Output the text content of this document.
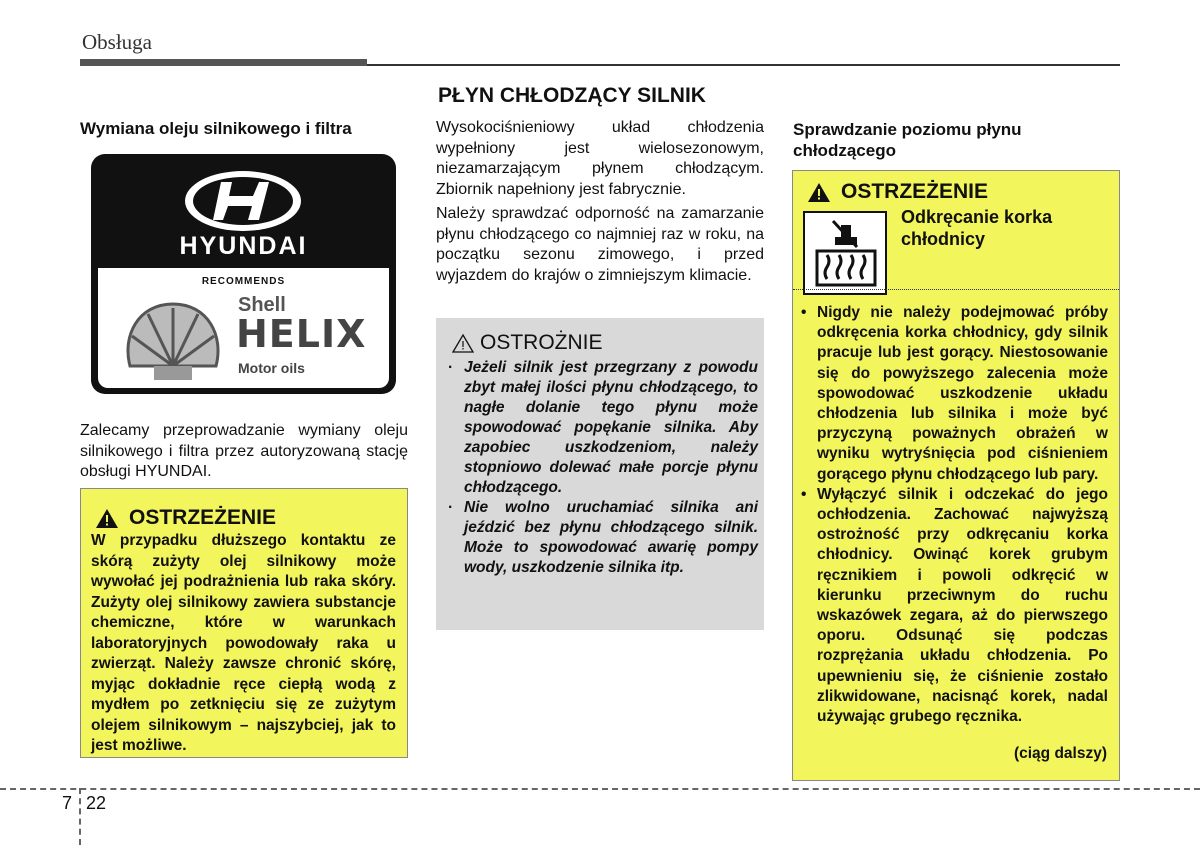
Obsługa
Wymiana oleju silnikowego i filtra
HYUNDAI
RECOMMENDS
Shell
HELIX
Motor oils
Zalecamy przeprowadzanie wymiany oleju silnikowego i filtra przez autoryzowaną stację obsługi HYUNDAI.
OSTRZEŻENIE
W przypadku dłuższego kontaktu ze skórą zużyty olej silnikowy może wywołać jej podrażnienia lub raka skóry. Zużyty olej silnikowy zawiera substancje chemiczne, które w warunkach laboratoryjnych powodowały raka u zwierząt. Należy zawsze chronić skórę, myjąc dokładnie ręce ciepłą wodą z mydłem po zetknięciu się ze zużytym olejem silnikowym – najszybciej, jak to jest możliwe.
PŁYN CHŁODZĄCY SILNIK
Wysokociśnieniowy układ chłodzenia wypełniony jest wielosezonowym, niezamarzającym płynem chłodzącym. Zbiornik napełniony jest fabrycznie.
Należy sprawdzać odporność na zamarzanie płynu chłodzącego co najmniej raz w roku, na początku sezonu zimowego, i przed wyjazdem do krajów o zimniejszym klimacie.
OSTROŻNIE
· Jeżeli silnik jest przegrzany z powodu zbyt małej ilości płynu chłodzącego, to nagłe dolanie tego płynu może spowodować popękanie silnika. Aby zapobiec uszkodzeniom, należy stopniowo dolewać małe porcje płynu chłodzącego.
· Nie wolno uruchamiać silnika ani jeździć bez płynu chłodzącego silnik. Może to spowodować awarię pompy wody, uszkodzenie silnika itp.
Sprawdzanie poziomu płynu chłodzącego
OSTRZEŻENIE
Odkręcanie korka chłodnicy
• Nigdy nie należy podejmować próby odkręcenia korka chłodnicy, gdy silnik pracuje lub jest gorący. Niestosowanie się do powyższego zalecenia może spowodować uszkodzenie układu chłodzenia lub silnika i może być przyczyną poważnych obrażeń w wyniku wytryśnięcia pod ciśnieniem gorącego płynu chłodzącego lub pary.
• Wyłączyć silnik i odczekać do jego ochłodzenia. Zachować najwyższą ostrożność przy odkręcaniu korka chłodnicy. Owinąć korek grubym ręcznikiem i powoli odkręcić w kierunku przeciwnym do ruchu wskazówek zegara, aż do pierwszego oporu. Odsunąć się podczas rozprężania układu chłodzenia. Po upewnieniu się, że ciśnienie zostało zlikwidowane, nacisnąć korek, nadal używając grubego ręcznika.
(ciąg dalszy)
7 22
